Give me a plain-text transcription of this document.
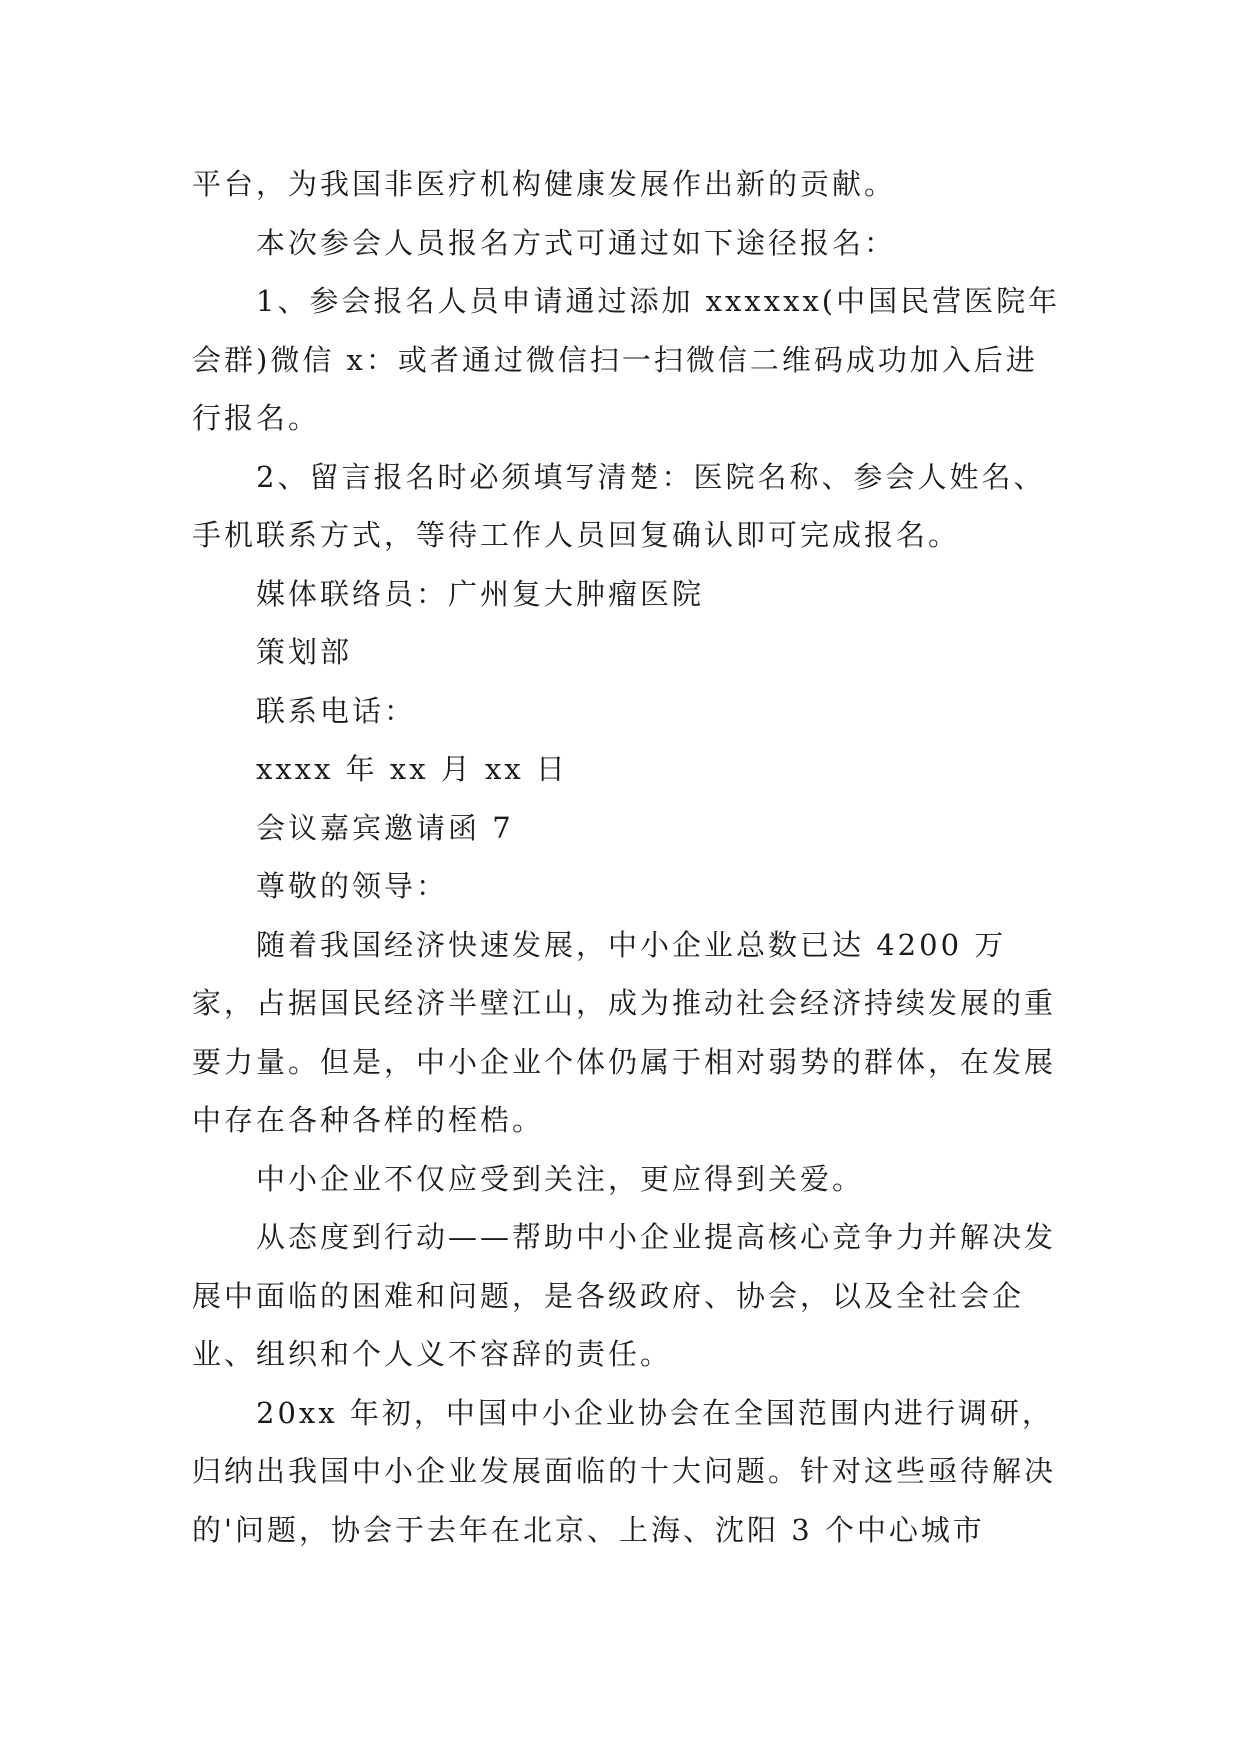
平台，为我国非医疗机构健康发展作出新的贡献。

本次参会人员报名方式可通过如下途径报名：

1、参会报名人员申请通过添加 xxxxxx(中国民营医院年会群)微信 x：或者通过微信扫一扫微信二维码成功加入后进行报名。

2、留言报名时必须填写清楚：医院名称、参会人姓名、手机联系方式，等待工作人员回复确认即可完成报名。

媒体联络员：广州复大肿瘤医院

策划部

联系电话：

xxxx 年 xx 月 xx 日

会议嘉宾邀请函 7

尊敬的领导：

随着我国经济快速发展，中小企业总数已达 4200 万家，占据国民经济半壁江山，成为推动社会经济持续发展的重要力量。但是，中小企业个体仍属于相对弱势的群体，在发展中存在各种各样的桎梏。

中小企业不仅应受到关注，更应得到关爱。

从态度到行动——帮助中小企业提高核心竞争力并解决发展中面临的困难和问题，是各级政府、协会，以及全社会企业、组织和个人义不容辞的责任。

20xx 年初，中国中小企业协会在全国范围内进行调研，归纳出我国中小企业发展面临的十大问题。针对这些亟待解决的'问题，协会于去年在北京、上海、沈阳 3 个中心城市
